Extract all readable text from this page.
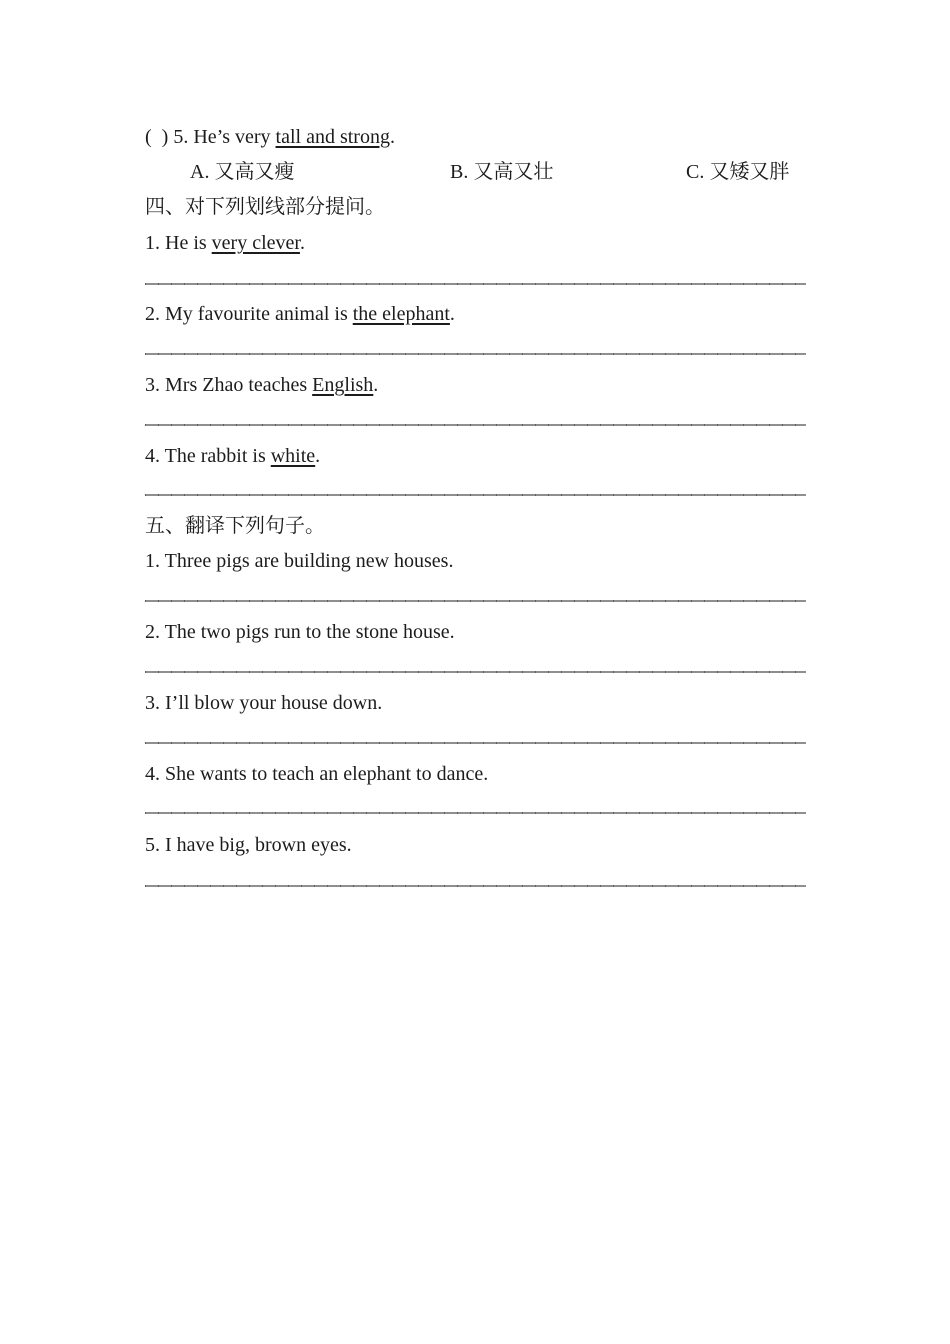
(  ) 5. He’s very tall and strong.

A. 又高又瘦

	B. 又高又壮

	C. 又矮又胖

四、对下列划线部分提问。
1. He is very clever.
2. My favourite animal is the elephant.
3. Mrs Zhao teaches English.
4. The rabbit is white.
五、翻译下列句子。
1. Three pigs are building new houses.
2. The two pigs run to the stone house.
3. I’ll blow your house down.
4. She wants to teach an elephant to dance.
5. I have big, brown eyes.
